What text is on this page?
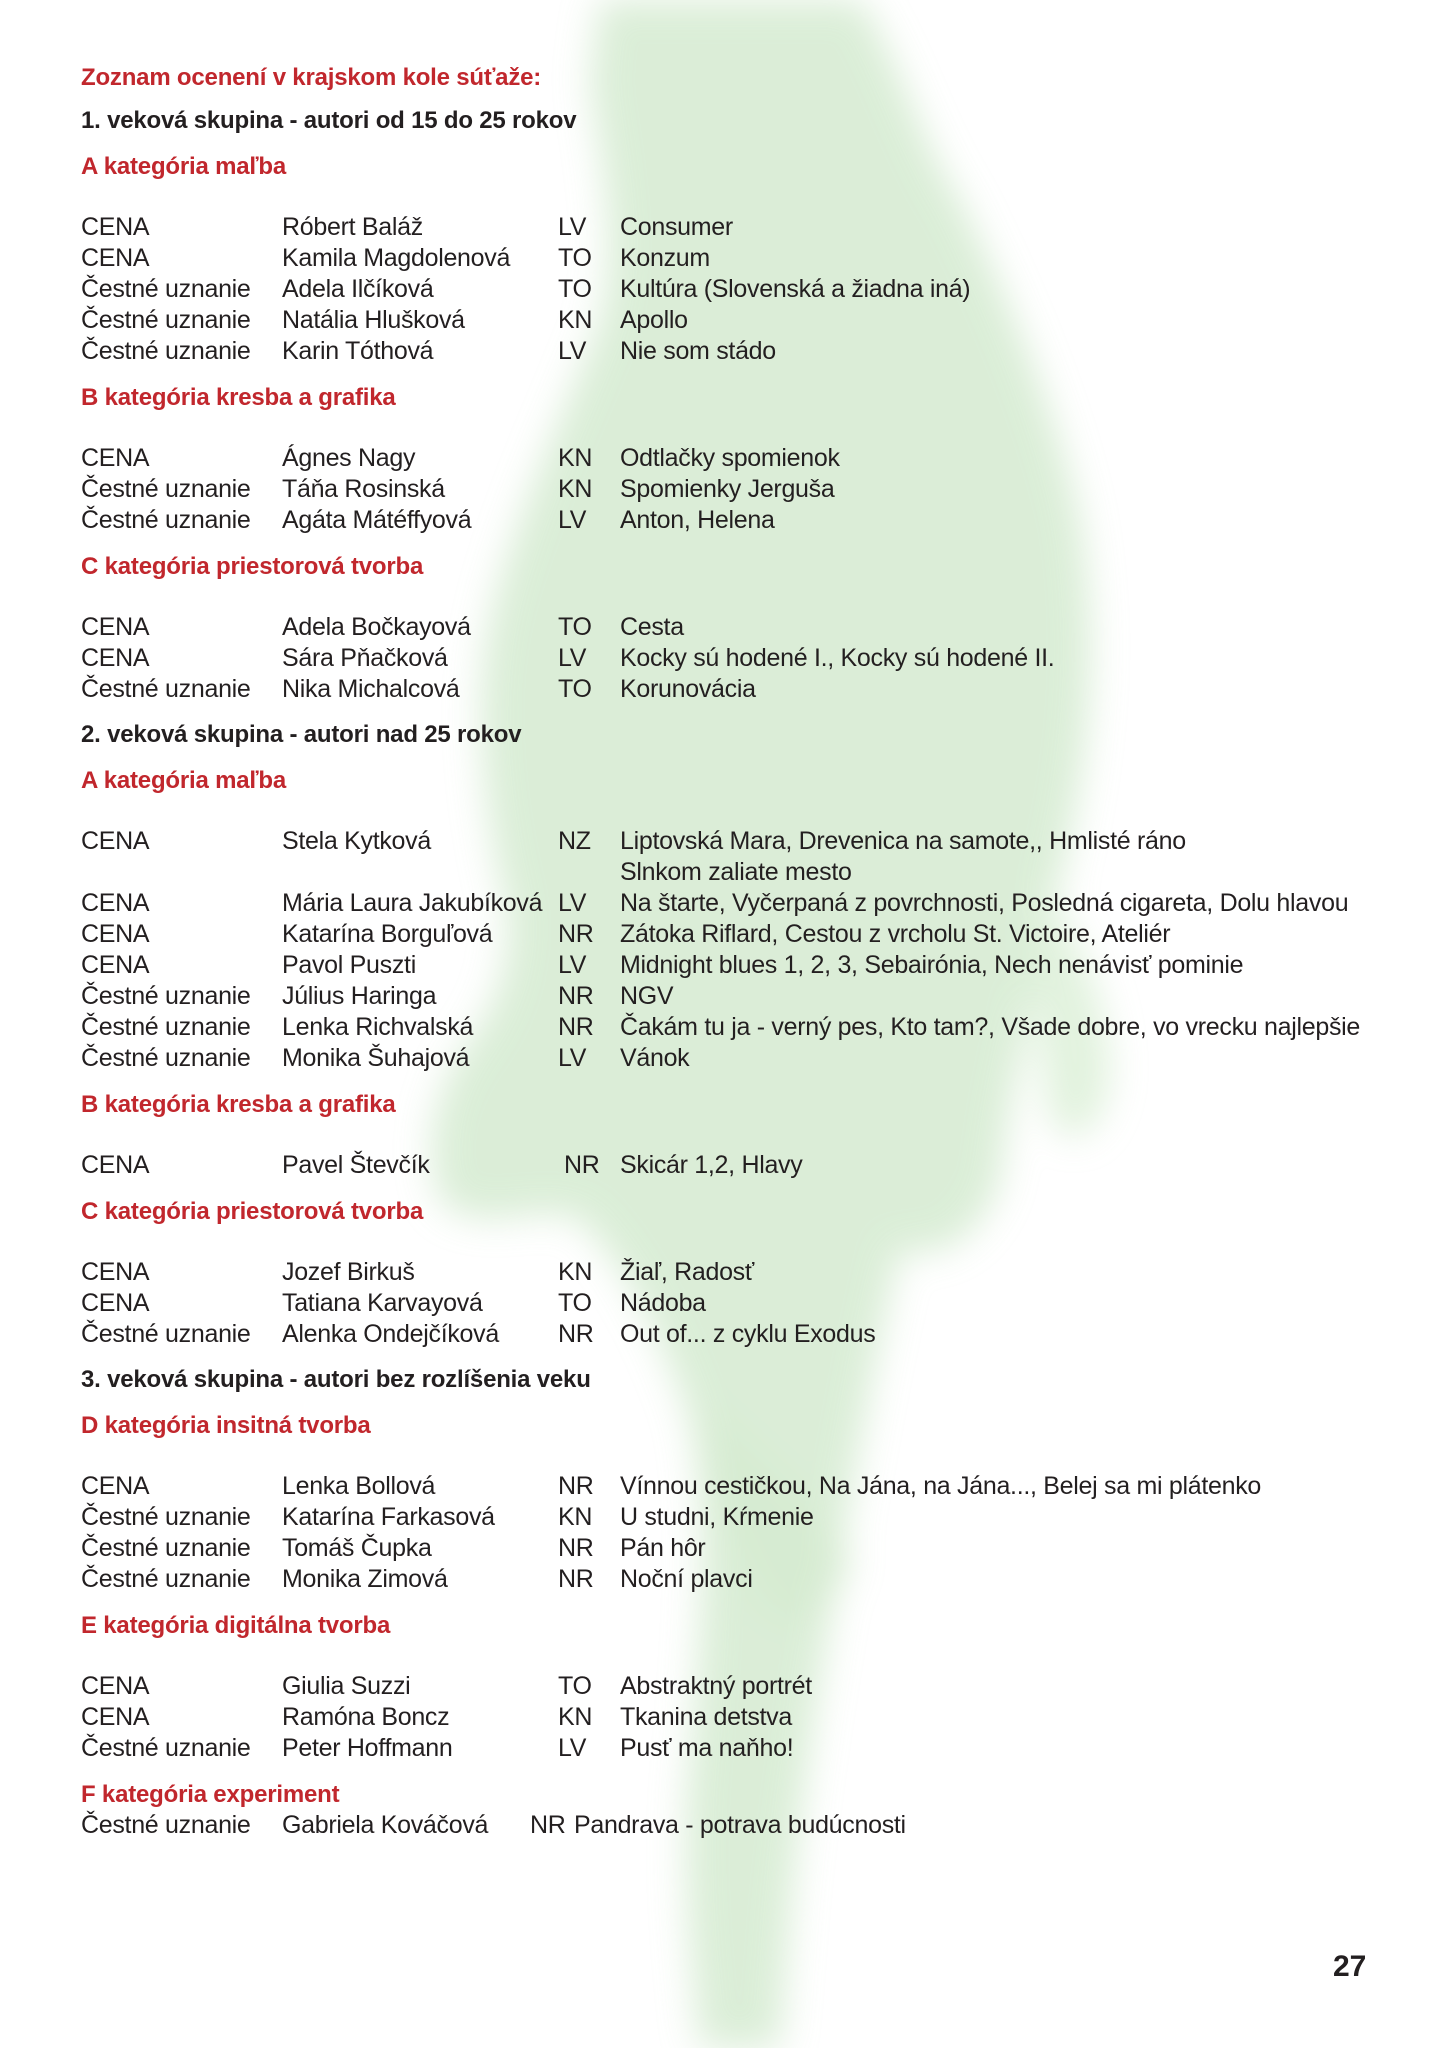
Zoznam ocenení v krajskom kole súťaže:
1. veková skupina - autori od 15 do 25 rokov
A kategória maľba
CENA	Róbert Baláž	LV	Consumer
CENA	Kamila Magdolenová	TO	Konzum
Čestné uznanie	Adela Ilčíková	TO	Kultúra (Slovenská a žiadna iná)
Čestné uznanie	Natália Hlušková	KN	Apollo
Čestné uznanie	Karin Tóthová	LV	Nie som stádo
B kategória kresba a grafika
CENA	Ágnes Nagy	KN	Odtlačky spomienok
Čestné uznanie	Táňa Rosinská	KN	Spomienky Jerguša
Čestné uznanie	Agáta Mátéffyová	LV	Anton, Helena
C kategória priestorová tvorba
CENA	Adela Bočkayová	TO	Cesta
CENA	Sára Pňačková	LV	Kocky sú hodené I., Kocky sú hodené II.
Čestné uznanie	Nika Michalcová	TO	Korunovácia
2. veková skupina - autori nad 25 rokov
A kategória maľba
CENA	Stela Kytková	NZ	Liptovská Mara, Drevenica na samote,, Hmlisté ráno
Slnkom zaliate mesto
CENA	Mária Laura Jakubíková LV	Na štarte, Vyčerpaná z povrchnosti, Posledná cigareta, Dolu hlavou
CENA	Katarína Borguľová	NR	Zátoka Riflard, Cestou z vrcholu St. Victoire, Ateliér
CENA	Pavol Puszti	LV	Midnight blues 1, 2, 3, Sebairónia, Nech nenávisť pominie
Čestné uznanie	Július Haringa	NR	NGV
Čestné uznanie	Lenka Richvalská	NR	Čakám tu ja - verný pes, Kto tam?, Všade dobre, vo vrecku najlepšie
Čestné uznanie	Monika Šuhajová	LV	Vánok
B kategória kresba a grafika
CENA	Pavel Števčík	NR Skicár 1,2, Hlavy
C kategória priestorová tvorba
CENA	Jozef Birkuš	KN	Žiaľ, Radosť
CENA	Tatiana Karvayová	TO	Nádoba
Čestné uznanie	Alenka Ondejčíková	NR	Out of... z cyklu Exodus
3. veková skupina - autori bez rozlíšenia veku
D kategória insitná tvorba
CENA	Lenka Bollová	NR	Vínnou cestičkou, Na Jána, na Jána..., Belej sa mi plátenko
Čestné uznanie	Katarína Farkasová	KN	U studni, Kŕmenie
Čestné uznanie	Tomáš Čupka	NR	Pán hôr
Čestné uznanie	Monika Zimová	NR	Noční plavci
E kategória digitálna tvorba
CENA	Giulia Suzzi	TO	Abstraktný portrét
CENA	Ramóna Boncz	KN	Tkanina detstva
Čestné uznanie	Peter Hoffmann	LV	Pusť ma naňho!
F kategória experiment
Čestné uznanie	Gabriela Kováčová	NR Pandrava - potrava budúcnosti
27
